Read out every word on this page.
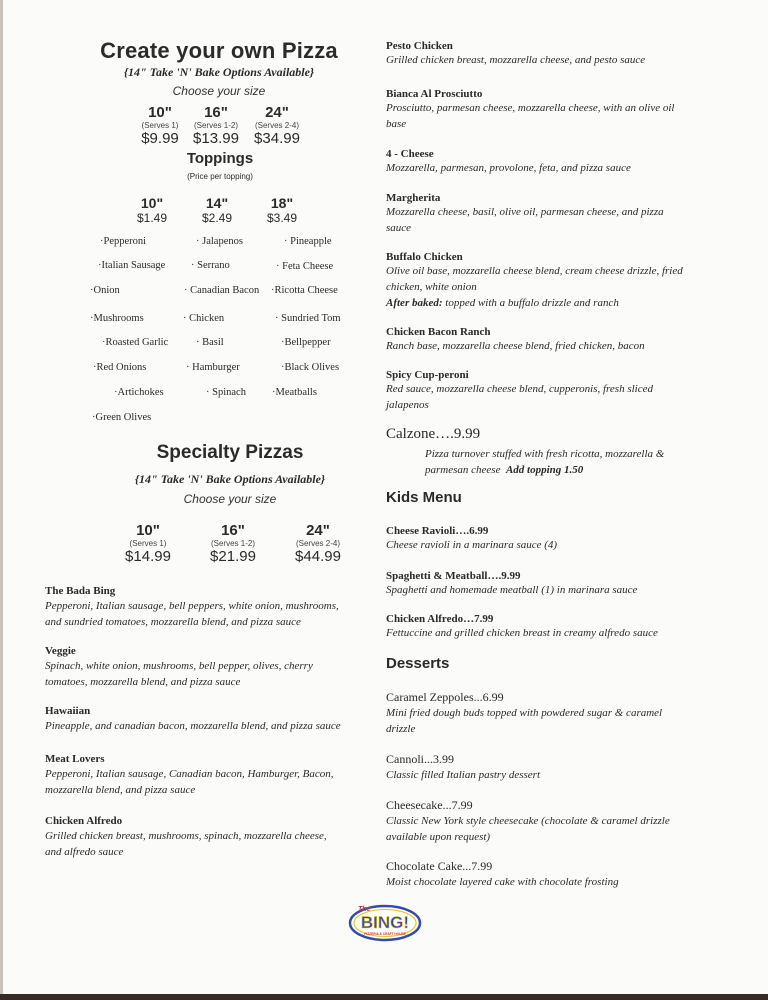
Create your own Pizza
{14" Take 'N' Bake Options Available}
Choose your size
10"
(Serves 1)
$9.99
16"
(Serves 1-2)
$13.99
24"
(Serves 2-4)
$34.99
Toppings
(Price per topping)
10"
$1.49
14"
$2.49
18"
$3.49
·Pepperoni	· Jalapenos	· Pineapple
·Italian Sausage · Serrano	· Feta Cheese
·Onion	· Canadian Bacon ·Ricotta Cheese
·Mushrooms	· Chicken	· Sundried Tom
·Roasted Garlic	· Basil	·Bellpepper
·Red Onions	· Hamburger	·Black Olives
·Artichokes	· Spinach ·Meatballs
·Green Olives
Specialty Pizzas
{14" Take 'N' Bake Options Available}
Choose your size
10"
(Serves 1)
$14.99
16"
(Serves 1-2)
$21.99
24"
(Serves 2-4)
$44.99
The Bada Bing
Pepperoni, Italian sausage, bell peppers, white onion, mushrooms,
and sundried tomatoes, mozzarella blend, and pizza sauce
Veggie
Spinach, white onion, mushrooms, bell pepper, olives, cherry
tomatoes, mozzarella blend, and pizza sauce
Hawaiian
Pineapple, and canadian bacon, mozzarella blend, and pizza sauce
Meat Lovers
Pepperoni, Italian sausage, Canadian bacon, Hamburger, Bacon,
mozzarella blend, and pizza sauce
Chicken Alfredo
Grilled chicken breast, mushrooms, spinach, mozzarella cheese,
and alfredo sauce
Pesto Chicken
Grilled chicken breast, mozzarella cheese, and pesto sauce
Bianca Al Prosciutto
Prosciutto, parmesan cheese, mozzarella cheese, with an olive oil
base
4 - Cheese
Mozzarella, parmesan, provolone, feta, and pizza sauce
Margherita
Mozzarella cheese, basil, olive oil, parmesan cheese, and pizza
sauce
Buffalo Chicken
Olive oil base, mozzarella cheese blend, cream cheese drizzle, fried
chicken, white onion
After baked: topped with a buffalo drizzle and ranch
Chicken Bacon Ranch
Ranch base, mozzarella cheese blend, fried chicken, bacon
Spicy Cup-peroni
Red sauce, mozzarella cheese blend, cupperonis, fresh sliced
jalapenos
Calzone….9.99
Pizza turnover stuffed with fresh ricotta, mozzarella &
parmesan cheese Add topping 1.50
Kids Menu
Cheese Ravioli….6.99
Cheese ravioli in a marinara sauce (4)
Spaghetti & Meatball….9.99
Spaghetti and homemade meatball (1) in marinara sauce
Chicken Alfredo…7.99
Fettuccine and grilled chicken breast in creamy alfredo sauce
Desserts
Caramel Zeppoles...6.99
Mini fried dough buds topped with powdered sugar & caramel
drizzle
Cannoli...3.99
Classic filled Italian pastry dessert
Cheesecake...7.99
Classic New York style cheesecake (chocolate & caramel drizzle
available upon request)
Chocolate Cake...7.99
Moist chocolate layered cake with chocolate frosting
The
BING!
PIZZERIA & CRAFT HOUSE
